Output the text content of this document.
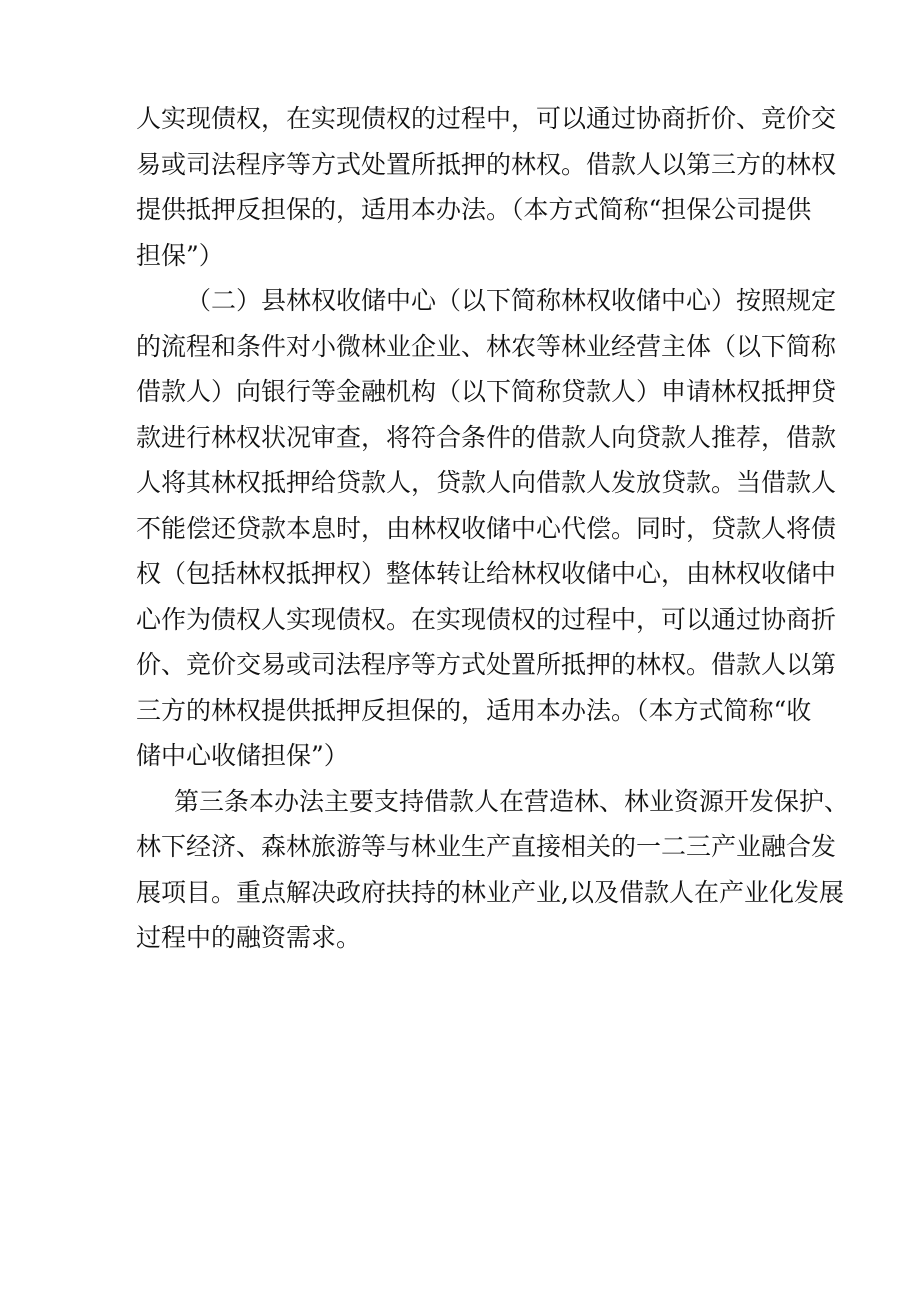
人实现债权，在实现债权的过程中，可以通过协商折价、竞价交
易或司法程序等方式处置所抵押的林权。借款人以第三方的林权
提供抵押反担保的，适用本办法。（本方式简称“担保公司提供
担保”）
（二）县林权收储中心（以下简称林权收储中心）按照规定
的流程和条件对小微林业企业、林农等林业经营主体（以下简称
借款人）向银行等金融机构（以下简称贷款人）申请林权抵押贷
款进行林权状况审查，将符合条件的借款人向贷款人推荐，借款
人将其林权抵押给贷款人，贷款人向借款人发放贷款。当借款人
不能偿还贷款本息时，由林权收储中心代偿。同时，贷款人将债
权（包括林权抵押权）整体转让给林权收储中心，由林权收储中
心作为债权人实现债权。在实现债权的过程中，可以通过协商折
价、竞价交易或司法程序等方式处置所抵押的林权。借款人以第
三方的林权提供抵押反担保的，适用本办法。（本方式简称“收
储中心收储担保”）
第三条本办法主要支持借款人在营造林、林业资源开发保护、
林下经济、森林旅游等与林业生产直接相关的一二三产业融合发
展项目。重点解决政府扶持的林业产业,以及借款人在产业化发展
过程中的融资需求。
